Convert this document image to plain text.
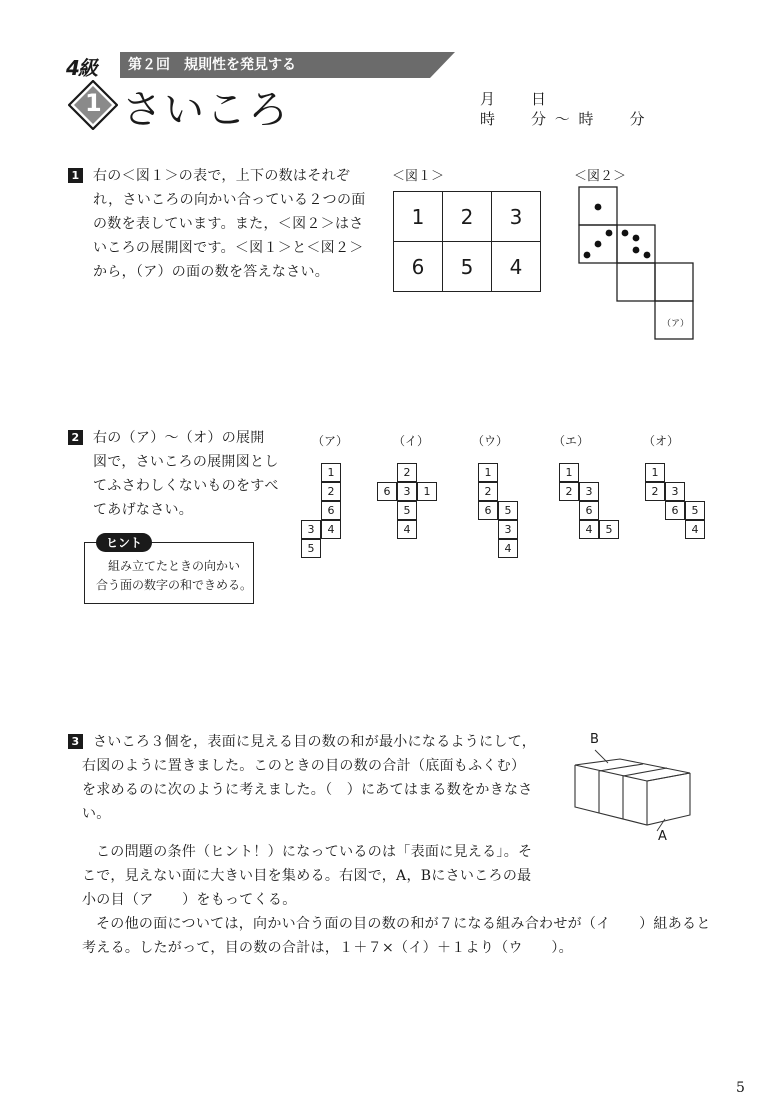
4級 第２回　規則性を発見する
1 さいころ	月　　日
時　　分 〜 時　　分
1 右の＜図１＞の表で，上下の数はそれぞ
れ，さいころの向かい合っている２つの面
の数を表しています。また，＜図２＞はさ
いころの展開図です。＜図１＞と＜図２＞
から，（ア）の面の数を答えなさい。
＜図１＞
1	2	3
6	5	4
＜図２＞
（ア）
2 右の（ア）〜（オ）の展開
図で，さいころの展開図とし
てふさわしくないものをすべ
てあげなさい。
ヒント
組み立てたときの向かい
合う面の数字の和できめる。
（ア）
1
2
6
3	4
5
（イ）
2
6	3	1
5
4
（ウ）
1
2
6	5
3
4
（エ）
1
2	3
6
4	5
（オ）
1
2	3
6	5
4
3 さいころ３個を，表面に見える目の数の和が最小になるようにして，
右図のように置きました。このときの目の数の合計（底面もふくむ）
を求めるのに次のように考えました。（　）にあてはまる数をかきなさ
い。
この問題の条件（ヒント！）になっているのは「表面に見える」。そ
こで，見えない面に大きい目を集める。右図で，A，Bにさいころの最
小の目（ア　　）をもってくる。
その他の面については，向かい合う面の目の数の和が７になる組み合わせが（イ　　）組あると
考える。したがって，目の数の合計は，１＋７×（イ）＋１より（ウ　　）。
B
A
5
